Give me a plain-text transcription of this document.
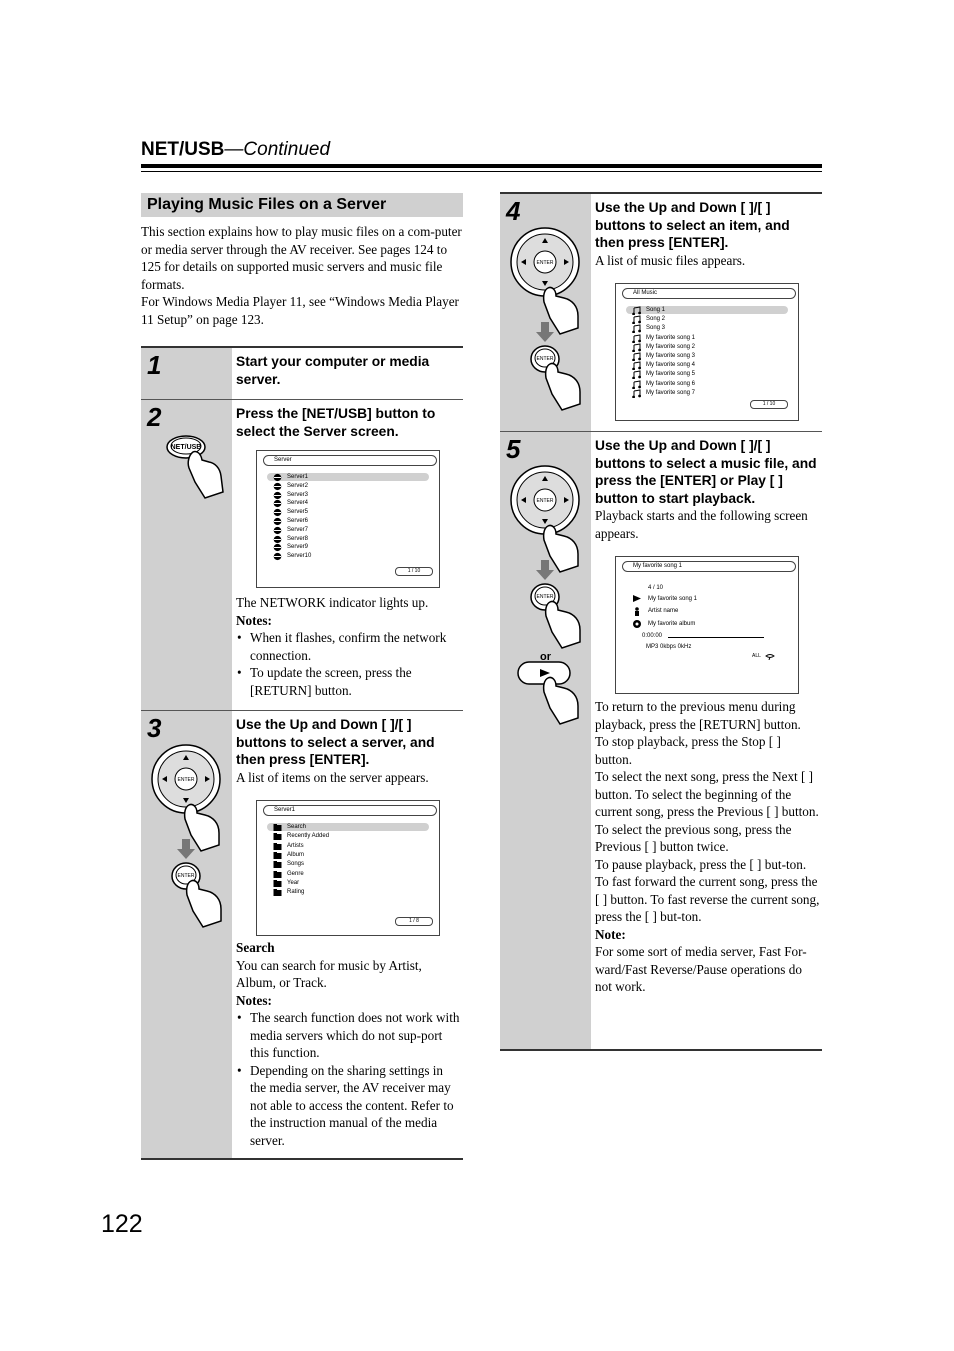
NET/USB—Continued
Playing Music Files on a Server

This section explains how to play music files on a com-puter or media server through the AV receiver. See pages 124 to 125 for details on supported music servers and music file formats.

For Windows Media Player 11, see “Windows Media Player 11 Setup” on page 123.

1	Start your computer or media server.
2
NET/USB
Press the [NET/USB] button to select the Server screen.
Server
Server1
Server2
Server3
Server4
Server5
Server6
Server7
Server8
Server9
Server10
1 / 10
The NETWORK indicator lights up.
Notes:
• When it flashes, confirm the network connection.
• To update the screen, press the [RETURN] button.
3
ENTER
ENTER
Use the Up and Down [ ]/[ ] buttons to select a server, and then press [ENTER].
A list of items on the server appears.
Server1
Search
Recently Added
Artists
Album
Songs
Genre
Year
Rating
1 / 8
Search
You can search for music by Artist, Album, or Track.
Notes:
• The search function does not work with media servers which do not sup-port this function.
• Depending on the sharing settings in the media server, the AV receiver may not able to access the content. Refer to the instruction manual of the media server.
4
ENTER
ENTER
Use the Up and Down [ ]/[ ] buttons to select an item, and then press [ENTER].
A list of music files appears.
All Music
Song 1
Song 2
Song 3
My favorite song 1
My favorite song 2
My favorite song 3
My favorite song 4
My favorite song 5
My favorite song 6
My favorite song 7
1 / 10
5
ENTER
ENTER
or
Use the Up and Down [ ]/[ ] buttons to select a music file, and press the [ENTER] or Play [ ] button to start playback.
Playback starts and the following screen appears.
My favorite song 1
4 / 10
My favorite song 1
Artist name
My favorite album
0:00:00
MP3 0kbps 0kHz
ALL
To return to the previous menu during playback, press the [RETURN] button.
To stop playback, press the Stop [ ] button.
To select the next song, press the Next [ ] button. To select the beginning of the current song, press the Previous [ ] button. To select the previous song, press the Previous [ ] button twice.
To pause playback, press the [ ] but-ton. To fast forward the current song, press the [ ] button. To fast reverse the current song, press the [ ] but-ton.
Note:
For some sort of media server, Fast For-ward/Fast Reverse/Pause operations do not work.
122
